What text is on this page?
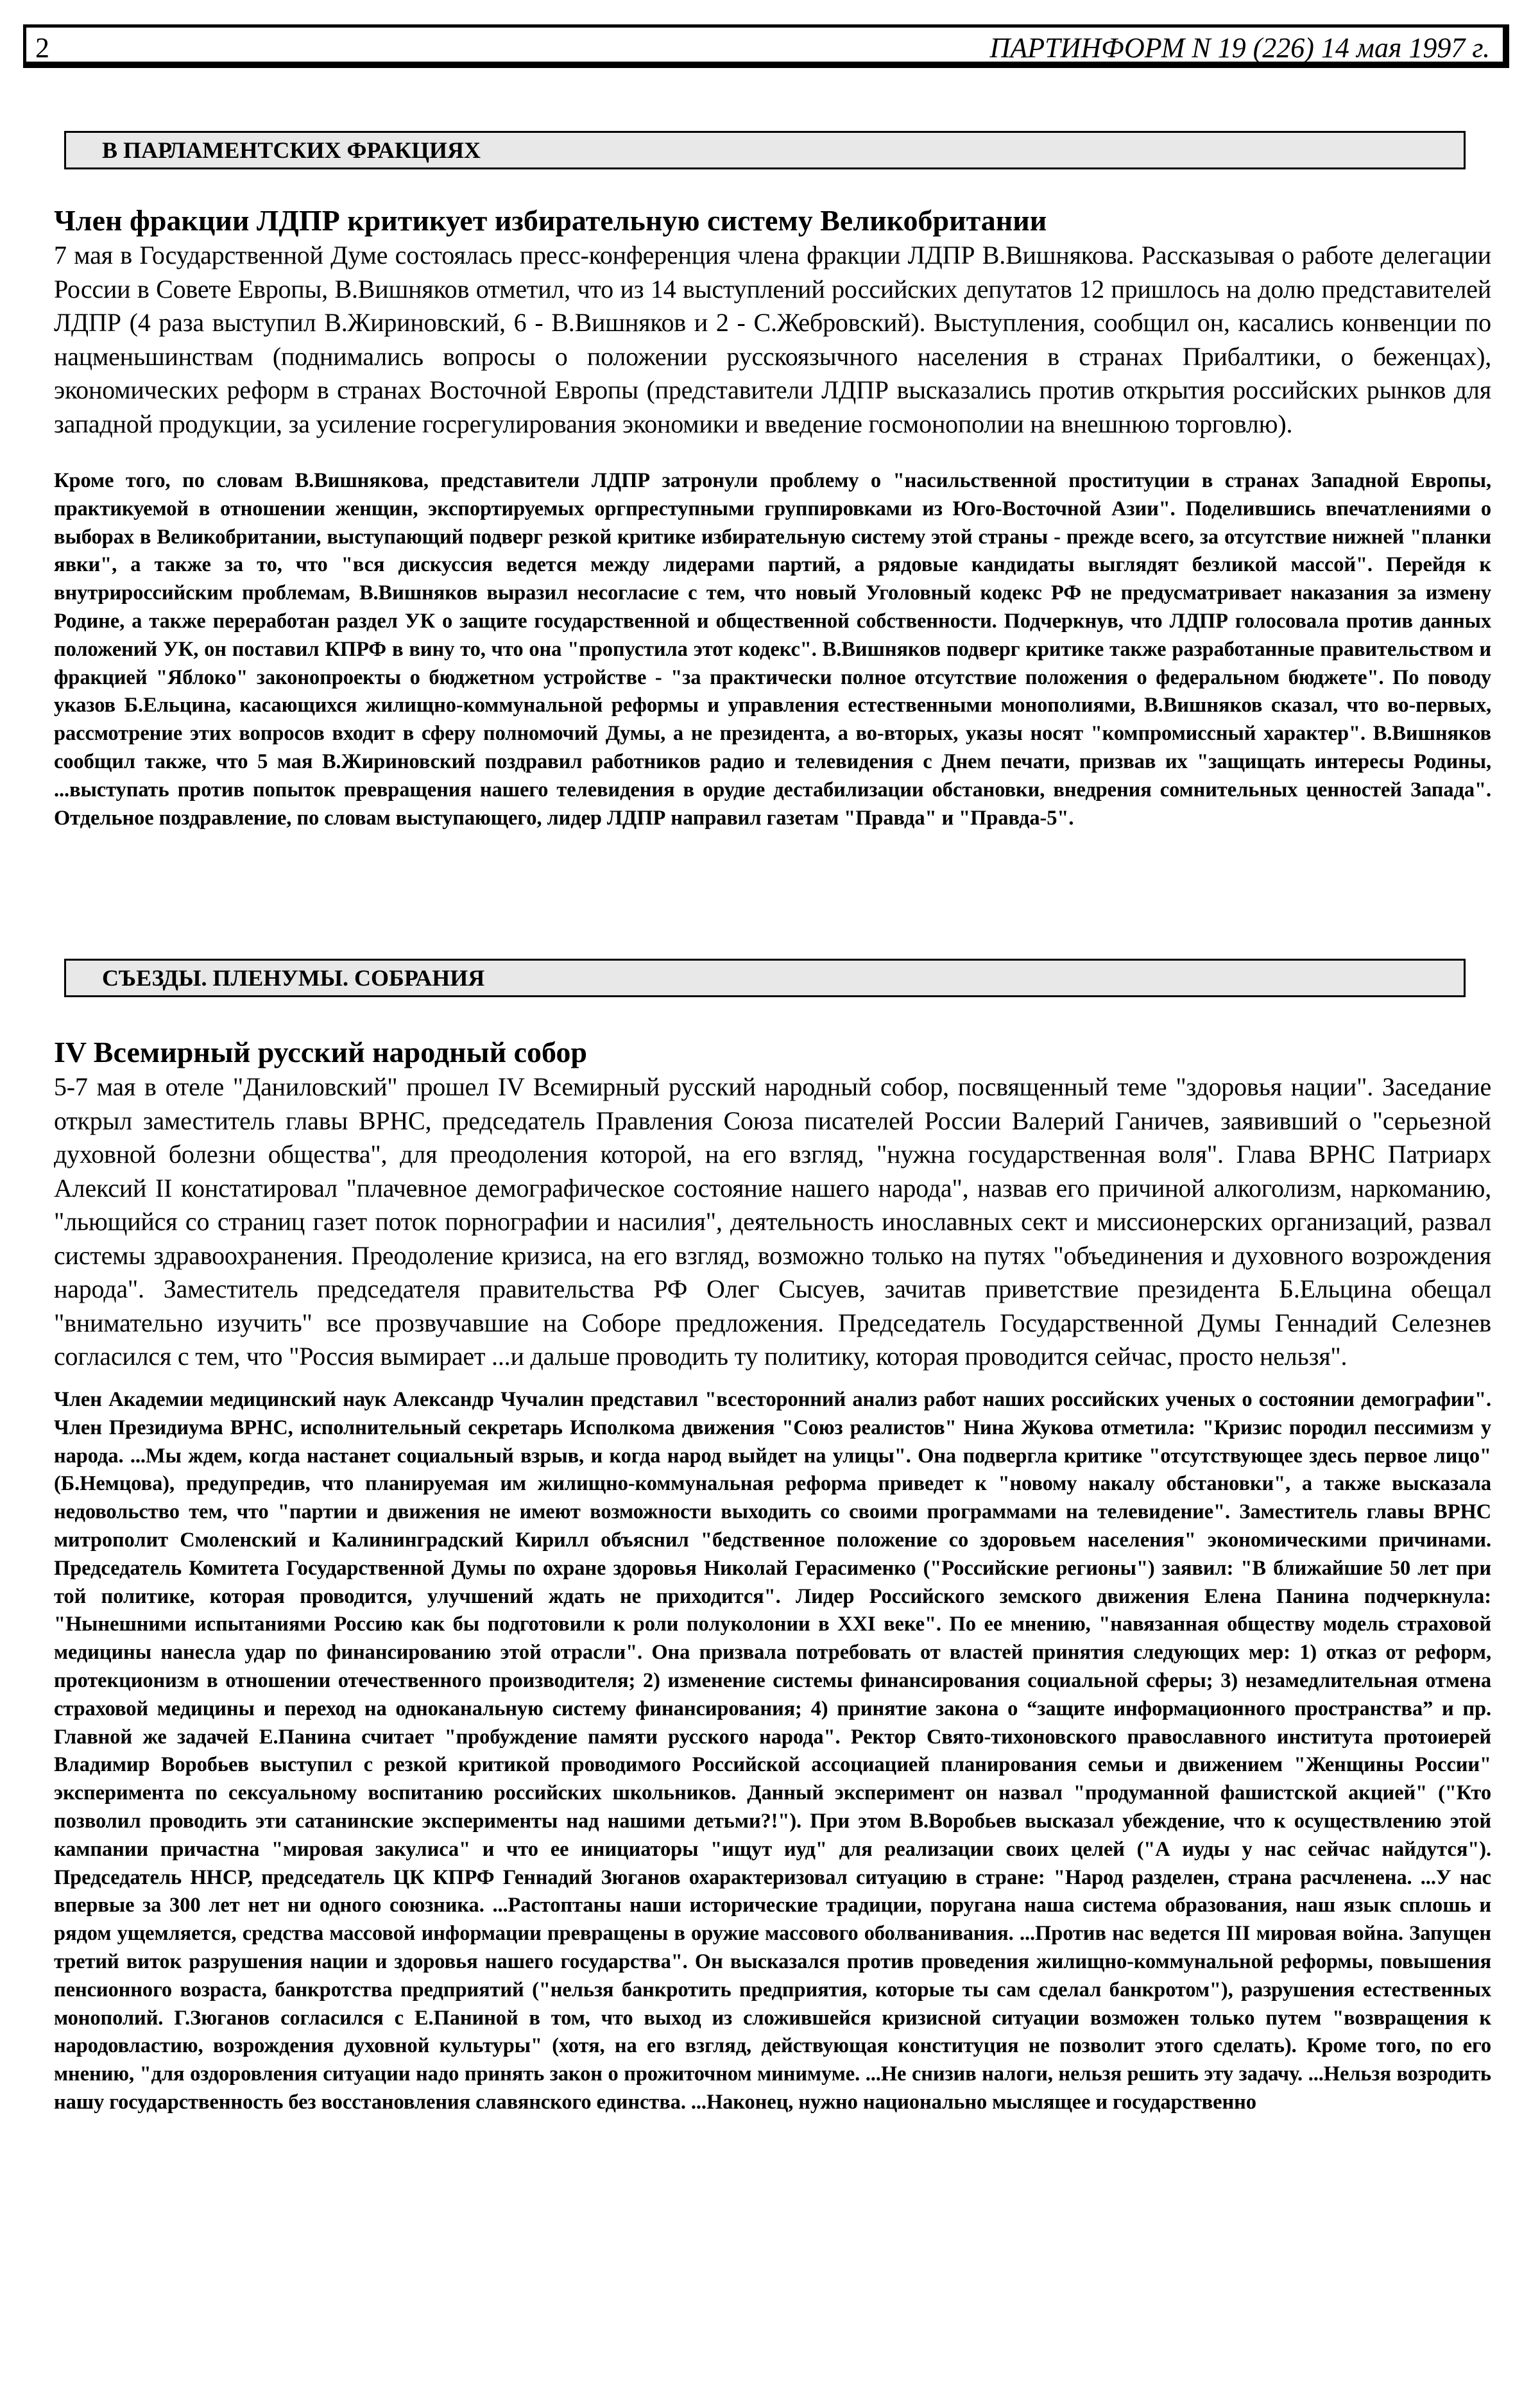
2	ПАРТИНФОРМ N 19 (226) 14 мая 1997 г.
В ПАРЛАМЕНТСКИХ ФРАКЦИЯХ
Член фракции ЛДПР критикует избирательную систему Великобритании

7 мая в Государственной Думе состоялась пресс-конференция члена фракции ЛДПР В.Вишнякова. Рассказывая о работе делегации России в Совете Европы, В.Вишняков отметил, что из 14 выступлений российских депутатов 12 пришлось на долю представителей ЛДПР (4 раза выступил В.Жириновский, 6 - В.Вишняков и 2 - С.Жебровский). Выступления, сообщил он, касались конвенции по нацменьшинствам (поднимались вопросы о положении русскоязычного населения в странах Прибалтики, о беженцах), экономических реформ в странах Восточной Европы (представители ЛДПР высказались против открытия российских рынков для западной продукции, за усиление госрегулирования экономики и введение госмонополии на внешнюю торговлю).

Кроме того, по словам В.Вишнякова, представители ЛДПР затронули проблему о "насильственной проституции в странах Западной Европы, практикуемой в отношении женщин, экспортируемых оргпреступными группировками из Юго-Восточной Азии". Поделившись впечатлениями о выборах в Великобритании, выступающий подверг резкой критике избирательную систему этой страны - прежде всего, за отсутствие нижней "планки явки", а также за то, что "вся дискуссия ведется между лидерами партий, а рядовые кандидаты выглядят безликой массой". Перейдя к внутрироссийским проблемам, В.Вишняков выразил несогласие с тем, что новый Уголовный кодекс РФ не предусматривает наказания за измену Родине, а также переработан раздел УК о защите государственной и общественной собственности. Подчеркнув, что ЛДПР голосовала против данных положений УК, он поставил КПРФ в вину то, что она "пропустила этот кодекс". В.Вишняков подверг критике также разработанные правительством и фракцией "Яблоко" законопроекты о бюджетном устройстве - "за практически полное отсутствие положения о федеральном бюджете". По поводу указов Б.Ельцина, касающихся жилищно-коммунальной реформы и управления естественными монополиями, В.Вишняков сказал, что во-первых, рассмотрение этих вопросов входит в сферу полномочий Думы, а не президента, а во-вторых, указы носят "компромиссный характер". В.Вишняков сообщил также, что 5 мая В.Жириновский поздравил работников радио и телевидения с Днем печати, призвав их "защищать интересы Родины, ...выступать против попыток превращения нашего телевидения в орудие дестабилизации обстановки, внедрения сомнительных ценностей Запада". Отдельное поздравление, по словам выступающего, лидер ЛДПР направил газетам "Правда" и "Правда-5".

СЪЕЗДЫ. ПЛЕНУМЫ. СОБРАНИЯ
IV Всемирный русский народный собор

5-7 мая в отеле "Даниловский" прошел IV Всемирный русский народный собор, посвященный теме "здоровья нации". Заседание открыл заместитель главы ВРНС, председатель Правления Союза писателей России Валерий Ганичев, заявивший о "серьезной духовной болезни общества", для преодоления которой, на его взгляд, "нужна государственная воля". Глава ВРНС Патриарх Алексий II констатировал "плачевное демографическое состояние нашего народа", назвав его причиной алкоголизм, наркоманию, "льющийся со страниц газет поток порнографии и насилия", деятельность инославных сект и миссионерских организаций, развал системы здравоохранения. Преодоление кризиса, на его взгляд, возможно только на путях "объединения и духовного возрождения народа". Заместитель председателя правительства РФ Олег Сысуев, зачитав приветствие президента Б.Ельцина обещал "внимательно изучить" все прозвучавшие на Соборе предложения. Председатель Государственной Думы Геннадий Селезнев согласился с тем, что "Россия вымирает ...и дальше проводить ту политику, которая проводится сейчас, просто нельзя".

Член Академии медицинский наук Александр Чучалин представил "всесторонний анализ работ наших российских ученых о состоянии демографии". Член Президиума ВРНС, исполнительный секретарь Исполкома движения "Союз реалистов" Нина Жукова отметила: "Кризис породил пессимизм у народа. ...Мы ждем, когда настанет социальный взрыв, и когда народ выйдет на улицы". Она подвергла критике "отсутствующее здесь первое лицо" (Б.Немцова), предупредив, что планируемая им жилищно-коммунальная реформа приведет к "новому накалу обстановки", а также высказала недовольство тем, что "партии и движения не имеют возможности выходить со своими программами на телевидение". Заместитель главы ВРНС митрополит Смоленский и Калининградский Кирилл объяснил "бедственное положение со здоровьем населения" экономическими причинами. Председатель Комитета Государственной Думы по охране здоровья Николай Герасименко ("Российские регионы") заявил: "В ближайшие 50 лет при той политике, которая проводится, улучшений ждать не приходится". Лидер Российского земского движения Елена Панина подчеркнула: "Нынешними испытаниями Россию как бы подготовили к роли полуколонии в XXI веке". По ее мнению, "навязанная обществу модель страховой медицины нанесла удар по финансированию этой отрасли". Она призвала потребовать от властей принятия следующих мер: 1) отказ от реформ, протекционизм в отношении отечественного производителя; 2) изменение системы финансирования социальной сферы; 3) незамедлительная отмена страховой медицины и переход на одноканальную систему финансирования; 4) принятие закона о “защите информационного пространства” и пр. Главной же задачей Е.Панина считает "пробуждение памяти русского народа". Ректор Свято-тихоновского православного института протоиерей Владимир Воробьев выступил с резкой критикой проводимого Российской ассоциацией планирования семьи и движением "Женщины России" эксперимента по сексуальному воспитанию российских школьников. Данный эксперимент он назвал "продуманной фашистской акцией" ("Кто позволил проводить эти сатанинские эксперименты над нашими детьми?!"). При этом В.Воробьев высказал убеждение, что к осуществлению этой кампании причастна "мировая закулиса" и что ее инициаторы "ищут иуд" для реализации своих целей ("А иуды у нас сейчас найдутся"). Председатель ННСР, председатель ЦК КПРФ Геннадий Зюганов охарактеризовал ситуацию в стране: "Народ разделен, страна расчленена. ...У нас впервые за 300 лет нет ни одного союзника. ...Растоптаны наши исторические традиции, поругана наша система образования, наш язык сплошь и рядом ущемляется, средства массовой информации превращены в оружие массового оболванивания. ...Против нас ведется III мировая война. Запущен третий виток разрушения нации и здоровья нашего государства". Он высказался против проведения жилищно-коммунальной реформы, повышения пенсионного возраста, банкротства предприятий ("нельзя банкротить предприятия, которые ты сам сделал банкротом"), разрушения естественных монополий. Г.Зюганов согласился с Е.Паниной в том, что выход из сложившейся кризисной ситуации возможен только путем "возвращения к народовластию, возрождения духовной культуры" (хотя, на его взгляд, действующая конституция не позволит этого сделать). Кроме того, по его мнению, "для оздоровления ситуации надо принять закон о прожиточном минимуме. ...Не снизив налоги, нельзя решить эту задачу. ...Нельзя возродить нашу государственность без восстановления славянского единства. ...Наконец, нужно национально мыслящее и государственно
